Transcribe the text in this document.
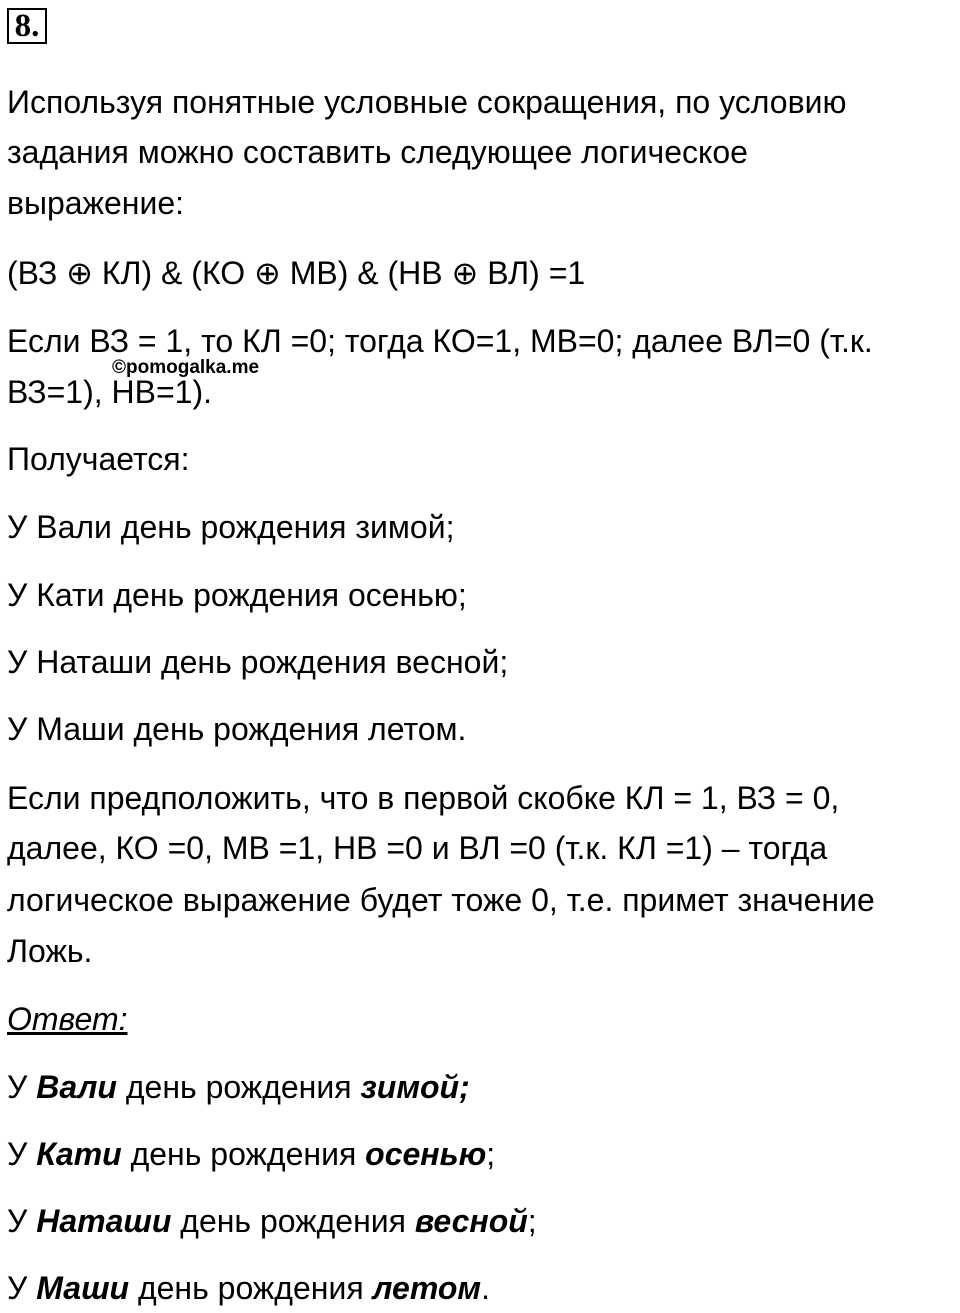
8.
Используя понятные условные сокращения, по условию
задания можно составить следующее логическое
выражение:
(ВЗ ⊕ КЛ) & (КО ⊕ МВ) & (НВ ⊕ ВЛ) =1
Если ВЗ = 1, то КЛ =0; тогда КО=1, МВ=0; далее ВЛ=0 (т.к.
ВЗ=1), НВ=1).
©pomogalka.me
Получается:
У Вали день рождения зимой;
У Кати день рождения осенью;
У Наташи день рождения весной;
У Маши день рождения летом.
Если предположить, что в первой скобке КЛ = 1, ВЗ = 0,
далее, КО =0, МВ =1, НВ =0 и ВЛ =0 (т.к. КЛ =1) – тогда
логическое выражение будет тоже 0, т.е. примет значение
Ложь.
Ответ:
У Вали день рождения зимой;
У Кати день рождения осенью;
У Наташи день рождения весной;
У Маши день рождения летом.
